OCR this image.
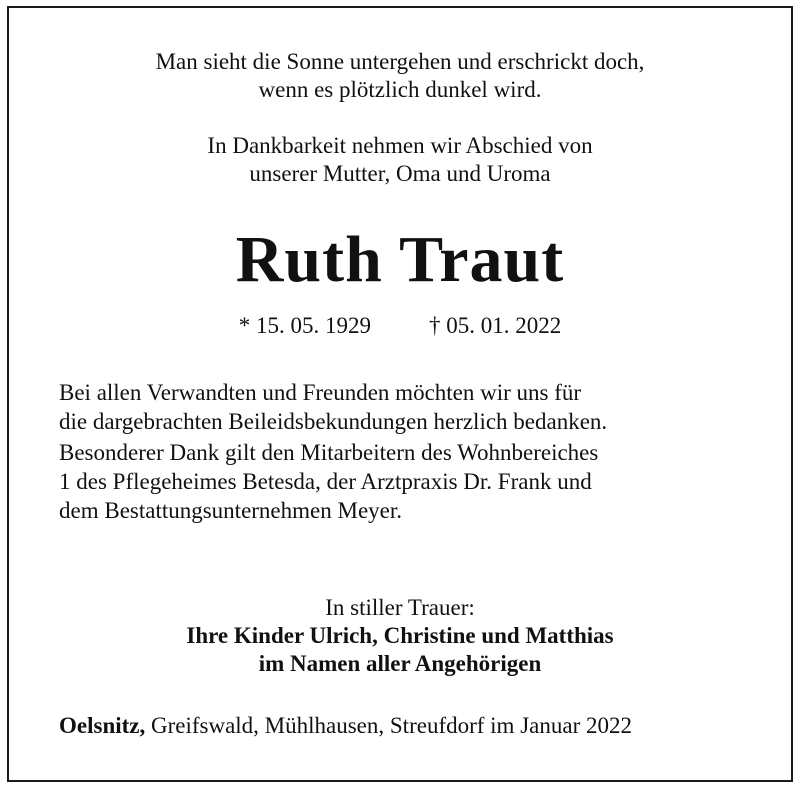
Man sieht die Sonne untergehen und erschrickt doch,
wenn es plötzlich dunkel wird.
In Dankbarkeit nehmen wir Abschied von
unserer Mutter, Oma und Uroma
Ruth Traut
* 15. 05. 1929	† 05. 01. 2022
Bei allen Verwandten und Freunden möchten wir uns für
die dargebrachten Beileidsbekundungen herzlich bedanken.
Besonderer Dank gilt den Mitarbeitern des Wohnbereiches
1 des Pflegeheimes Betesda, der Arztpraxis Dr. Frank und
dem Bestattungsunternehmen Meyer.
In stiller Trauer:
Ihre Kinder Ulrich, Christine und Matthias
im Namen aller Angehörigen
Oelsnitz, Greifswald, Mühlhausen, Streufdorf im Januar 2022
